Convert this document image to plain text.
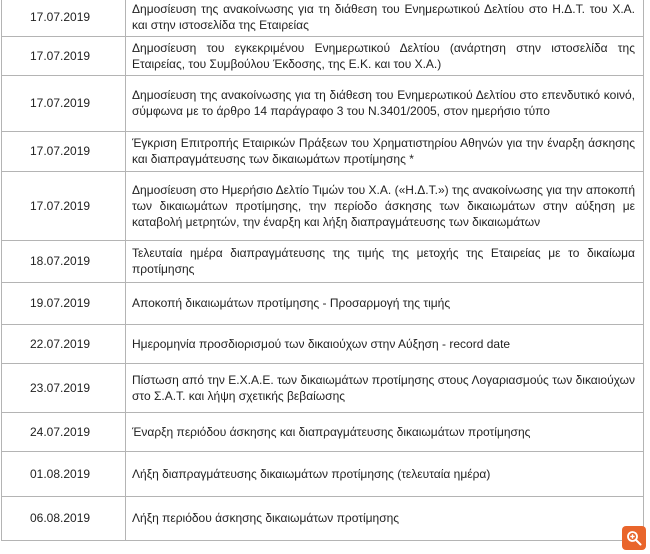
17.07.2019	Δημοσίευση της ανακοίνωσης για τη διάθεση του Ενημερωτικού Δελτίου στο Η.Δ.Τ. του Χ.Α. και στην ιστοσελίδα της Εταιρείας
17.07.2019	Δημοσίευση του εγκεκριμένου Ενημερωτικού Δελτίου (ανάρτηση στην ιστοσελίδα της Εταιρείας, του Συμβούλου Έκδοσης, της Ε.Κ. και του Χ.Α.)
17.07.2019	Δημοσίευση της ανακοίνωσης για τη διάθεση του Ενημερωτικού Δελτίου στο επενδυτικό κοινό, σύμφωνα με το άρθρο 14 παράγραφο 3 του Ν.3401/2005, στον ημερήσιο τύπο
17.07.2019	Έγκριση Επιτροπής Εταιρικών Πράξεων του Χρηματιστηρίου Αθηνών για την έναρξη άσκησης και διαπραγμάτευσης των δικαιωμάτων προτίμησης *
17.07.2019	Δημοσίευση στο Ημερήσιο Δελτίο Τιμών του Χ.Α. («Η.Δ.Τ.») της ανακοίνωσης για την αποκοπή των δικαιωμάτων προτίμησης, την περίοδο άσκησης των δικαιωμάτων στην αύξηση με καταβολή μετρητών, την έναρξη και λήξη διαπραγμάτευσης των δικαιωμάτων
18.07.2019	Τελευταία ημέρα διαπραγμάτευσης της τιμής της μετοχής της Εταιρείας με το δικαίωμα προτίμησης
19.07.2019	Αποκοπή δικαιωμάτων προτίμησης - Προσαρμογή της τιμής
22.07.2019	Ημερομηνία προσδιορισμού των δικαιούχων στην Αύξηση - record date
23.07.2019	Πίστωση από την Ε.Χ.Α.Ε. των δικαιωμάτων προτίμησης στους Λογαριασμούς των δικαιούχων στο Σ.Α.Τ. και λήψη σχετικής βεβαίωσης
24.07.2019	Έναρξη περιόδου άσκησης και διαπραγμάτευσης δικαιωμάτων προτίμησης
01.08.2019	Λήξη διαπραγμάτευσης δικαιωμάτων προτίμησης (τελευταία ημέρα)
06.08.2019	Λήξη περιόδου άσκησης δικαιωμάτων προτίμησης
